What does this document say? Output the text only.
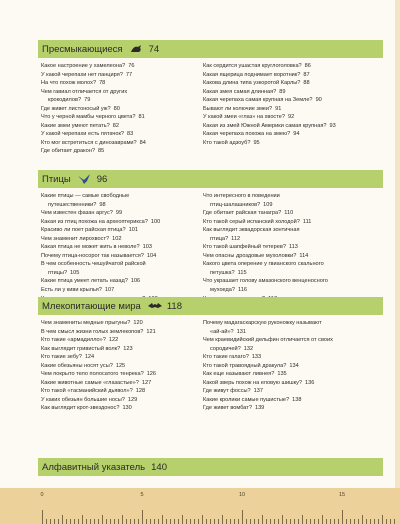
Пресмыкающиеся	74
Какое настроение у хамелеона? 76
У какой черепахи нет панциря? 77
На что похож молох? 78
Чем гавиал отличается от других
крокодилов? 79
Где живет листоносый уж? 80
Что у черной мамбы черного цвета? 81
Какие змеи умеют петать? 82
У какой черепахи есть пятачок? 83
Кто мог встретиться с динозаврами? 84
Где обитает дракон? 85
Как сердится ушастая круглоголовка? 86
Какая ящерица поднимает воротник? 87
Какова длина типа узкоротой Карлы? 88
Какая змея самая длинная? 89
Какая черепаха самая крупная на Земле? 90
Бывают ли колючие змеи? 91
У какой змеи «глаз» на хвосте? 92
Какая из змей Южной Америки самая крупная? 93
Какая черепаха похожа на змею? 94
Кто такой адзоуб? 95
Птицы	96
Какие птицы — самые свободные
путешественники? 98
Чем известен фазан аргус? 99
Какая из птиц похожа на археоптерикса? 100
Красиво ли поет райская птица? 101
Чем знаменит лирохвост? 102
Какая птица не может жить в неволе? 103
Почему птица-носорог так называется? 104
В чем особенность чешуйчатой райской
птицы? 105
Какие птица умеет летать назад? 106
Есть ли у киви крылья? 107
Что интересного в поведении
птиц-шалашников? 109
Где обитает райская танагра? 110
Кто такой серый испанский холодой? 111
Как выглядит эквадорская зонтичная
птица? 112
Кто такой шапфейный тетерев? 113
Чем опасны дроздовые мухоловки? 114
Какого цвета оперение у гвианского скального
петушка? 115
Что украшает голову амазонского венценосного
мухоеда? 116
Млекопитающие мира	118
Чем знамениты медные прыгуны? 120
В чем смысл жизни голых землекопов? 121
Кто такие «армадилло»? 122
Как выглядит гривистый волк? 123
Кто такие зебу? 124
Какие обезьяны носят усы? 125
Чем покрыто тело полосатого тенрека? 126
Какие животные самые «глазастые»? 127
Кто такой «тасманийский дьявол»? 128
У каких обезьян большие носы? 129
Как выглядит крот-звездонос? 130
Почему мадагаскарскую руконожку называют
«ай-ай»? 131
Чем краевидийский дельфин отличается от своих
сородичей? 132
Кто такие галаго? 133
Кто такой травоядный дракула? 134
Как еще называют ливнея? 135
Какой зверь похож на еловую шишку? 136
Где живут фоссы? 137
Какие кролики самые пушистые? 138
Где живет вомбат? 139
Алфавитный указатель 140
0	5	10	15
